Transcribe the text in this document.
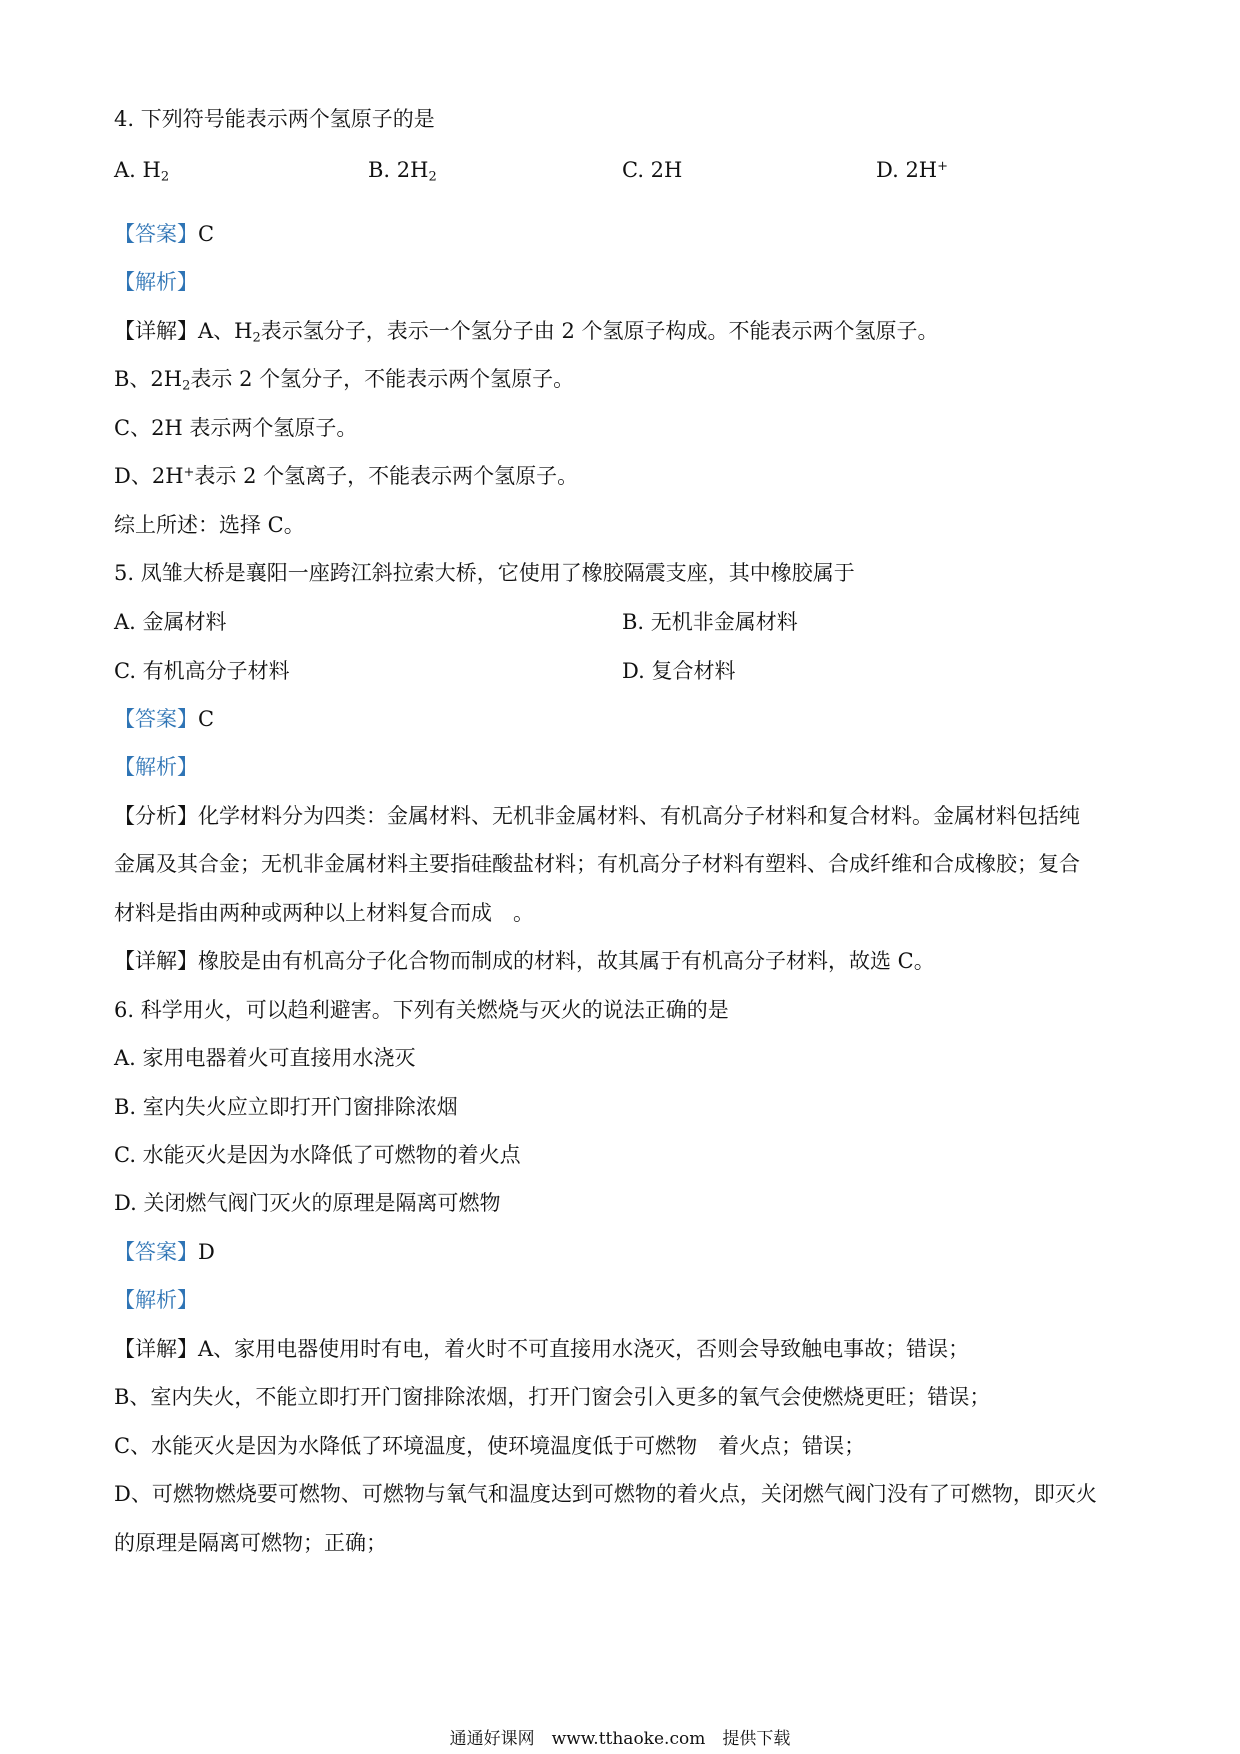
4. 下列符号能表示两个氢原子的是

A. $H_2$	B. $2H_2$	C. 2H	D. 2H+

【答案】C

【解析】

【详解】A、$H_2$表示氢分子，表示一个氢分子由 2 个氢原子构成。不能表示两个氢原子。

B、$2H_2$表示 2 个氢分子，不能表示两个氢原子。

C、2H 表示两个氢原子。

D、2H+表示 2 个氢离子，不能表示两个氢原子。

综上所述：选择 C。

5. 凤雏大桥是襄阳一座跨江斜拉索大桥，它使用了橡胶隔震支座，其中橡胶属于

A. 金属材料	B. 无机非金属材料
C. 有机高分子材料	D. 复合材料

【答案】C

【解析】

【分析】化学材料分为四类：金属材料、无机非金属材料、有机高分子材料和复合材料。金属材料包括纯

金属及其合金；无机非金属材料主要指硅酸盐材料；有机高分子材料有塑料、合成纤维和合成橡胶；复合

材料是指由两种或两种以上材料复合而成　。

【详解】橡胶是由有机高分子化合物而制成的材料，故其属于有机高分子材料，故选 C。

6. 科学用火，可以趋利避害。下列有关燃烧与灭火的说法正确的是

A. 家用电器着火可直接用水浇灭

B. 室内失火应立即打开门窗排除浓烟

C. 水能灭火是因为水降低了可燃物的着火点

D. 关闭燃气阀门灭火的原理是隔离可燃物

【答案】D

【解析】

【详解】A、家用电器使用时有电，着火时不可直接用水浇灭，否则会导致触电事故；错误；

B、室内失火，不能立即打开门窗排除浓烟，打开门窗会引入更多的氧气会使燃烧更旺；错误；

C、水能灭火是因为水降低了环境温度，使环境温度低于可燃物　着火点；错误；

D、可燃物燃烧要可燃物、可燃物与氧气和温度达到可燃物的着火点，关闭燃气阀门没有了可燃物，即灭火

的原理是隔离可燃物；正确；

通通好课网　www.tthaoke.com　提供下载
